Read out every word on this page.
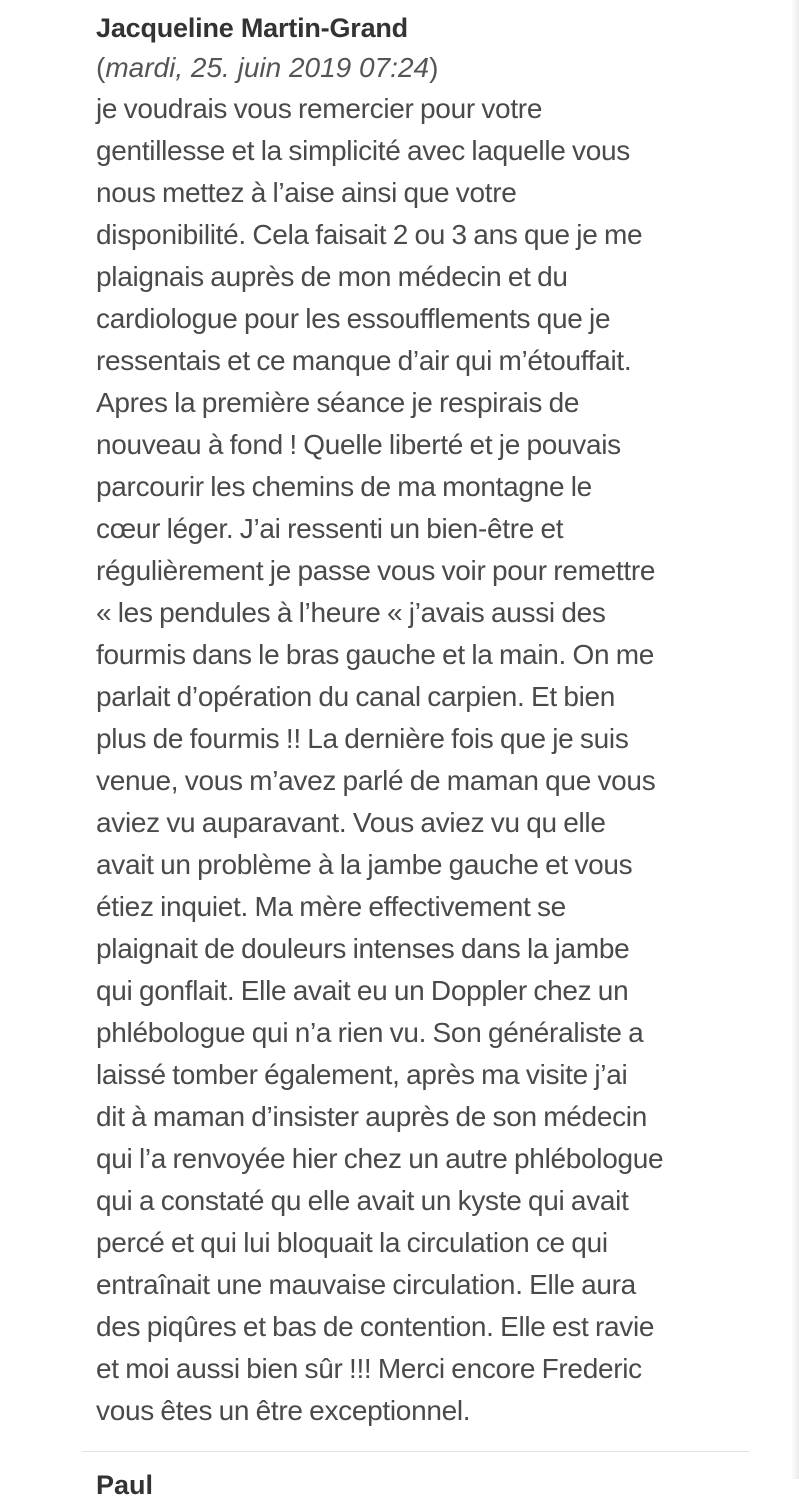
Jacqueline Martin-Grand
(mardi, 25. juin 2019 07:24)
je voudrais vous remercier pour votre
gentillesse et la simplicité avec laquelle vous
nous mettez à l’aise ainsi que votre
disponibilité. Cela faisait 2 ou 3 ans que je me
plaignais auprès de mon médecin et du
cardiologue pour les essoufflements que je
ressentais et ce manque d’air qui m’étouffait.
Apres la première séance je respirais de
nouveau à fond ! Quelle liberté et je pouvais
parcourir les chemins de ma montagne le
cœur léger. J’ai ressenti un bien-être et
régulièrement je passe vous voir pour remettre
« les pendules à l’heure « j’avais aussi des
fourmis dans le bras gauche et la main. On me
parlait d’opération du canal carpien. Et bien
plus de fourmis !! La dernière fois que je suis
venue, vous m’avez parlé de maman que vous
aviez vu auparavant. Vous aviez vu qu elle
avait un problème à la jambe gauche et vous
étiez inquiet. Ma mère effectivement se
plaignait de douleurs intenses dans la jambe
qui gonflait. Elle avait eu un Doppler chez un
phlébologue qui n’a rien vu. Son généraliste a
laissé tomber également, après ma visite j’ai
dit à maman d’insister auprès de son médecin
qui l’a renvoyée hier chez un autre phlébologue
qui a constaté qu elle avait un kyste qui avait
percé et qui lui bloquait la circulation ce qui
entraînait une mauvaise circulation. Elle aura
des piqûres et bas de contention. Elle est ravie
et moi aussi bien sûr !!! Merci encore Frederic
vous êtes un être exceptionnel.
Paul
